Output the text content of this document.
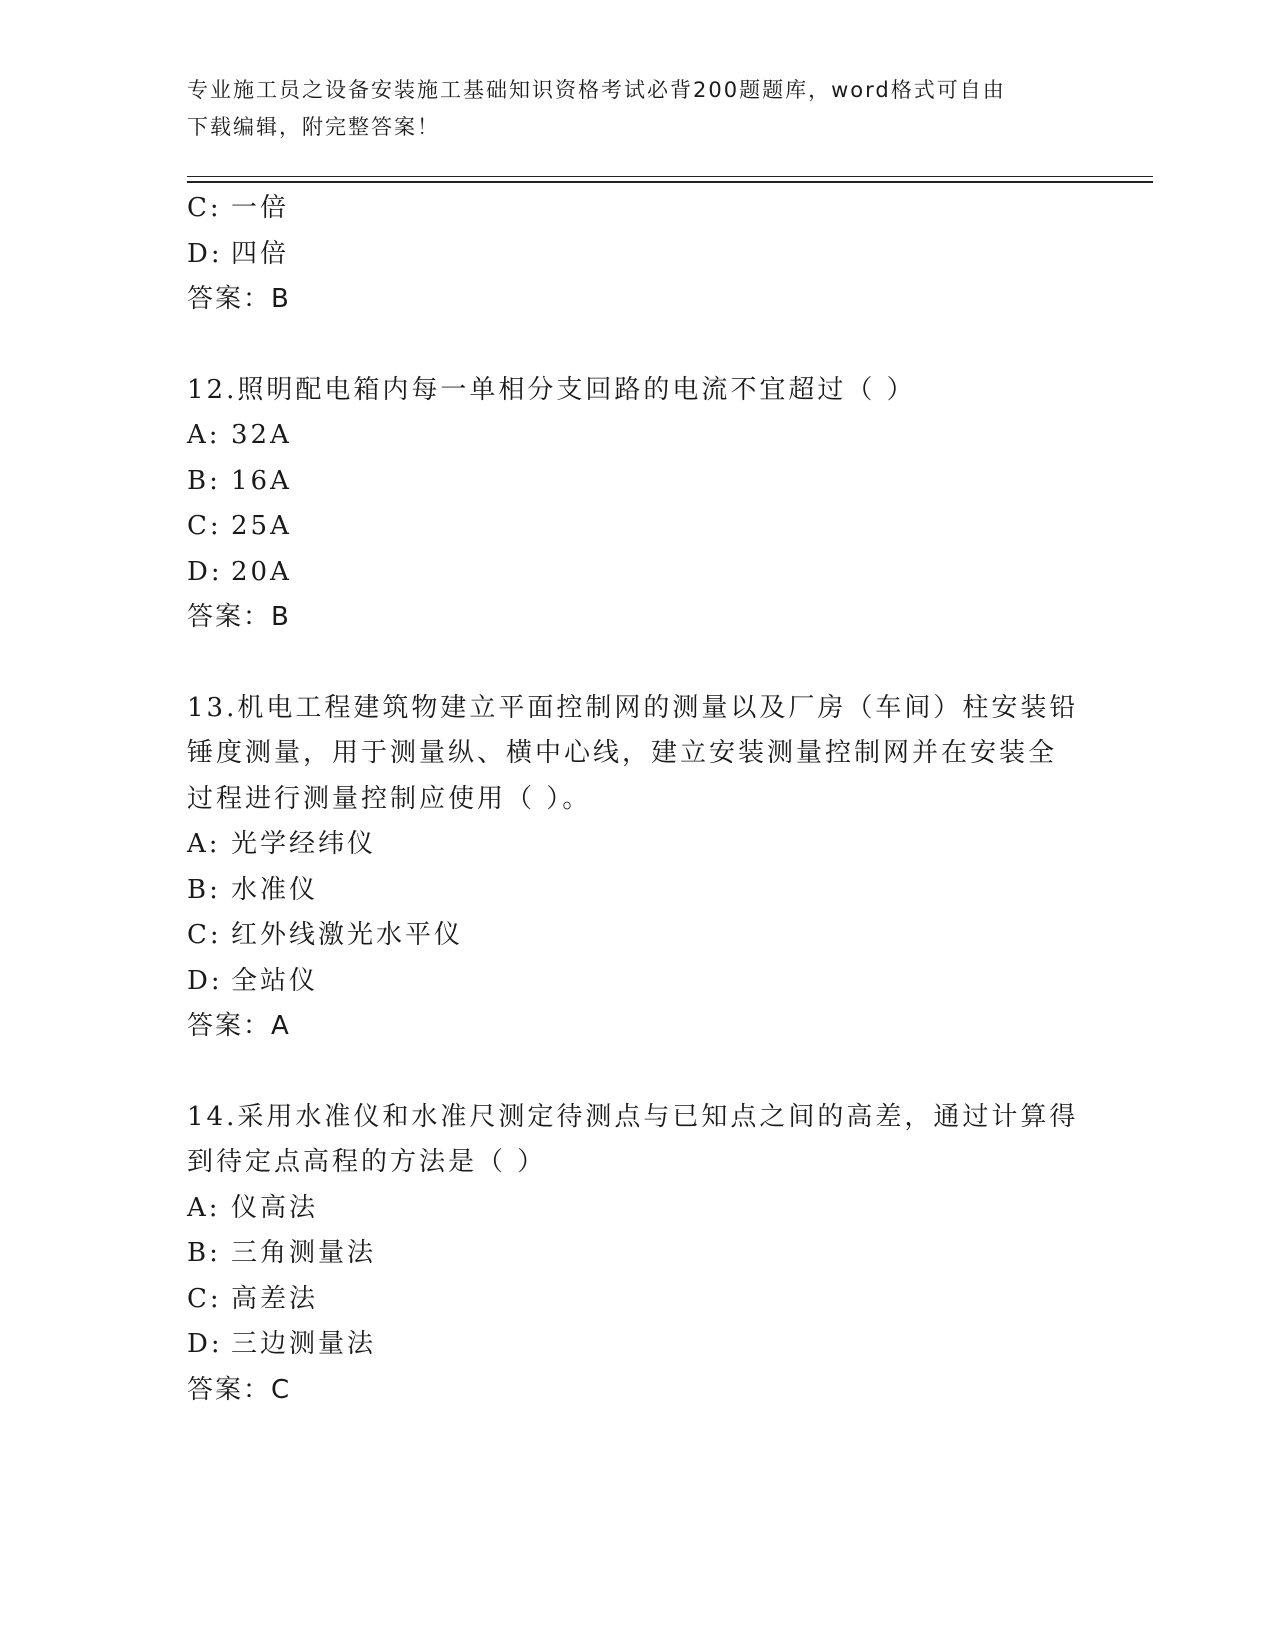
专业施工员之设备安装施工基础知识资格考试必背200题题库，word格式可自由
下载编辑，附完整答案！
C: 一倍
D: 四倍
答案：B
12.照明配电箱内每一单相分支回路的电流不宜超过（ ）
A: 32A
B: 16A
C: 25A
D: 20A
答案：B
13.机电工程建筑物建立平面控制网的测量以及厂房（车间）柱安装铅
锤度测量，用于测量纵、横中心线，建立安装测量控制网并在安装全
过程进行测量控制应使用（ ）。
A: 光学经纬仪
B: 水准仪
C: 红外线激光水平仪
D: 全站仪
答案：A
14.采用水准仪和水准尺测定待测点与已知点之间的高差，通过计算得
到待定点高程的方法是（ ）
A: 仪高法
B: 三角测量法
C: 高差法
D: 三边测量法
答案：C
